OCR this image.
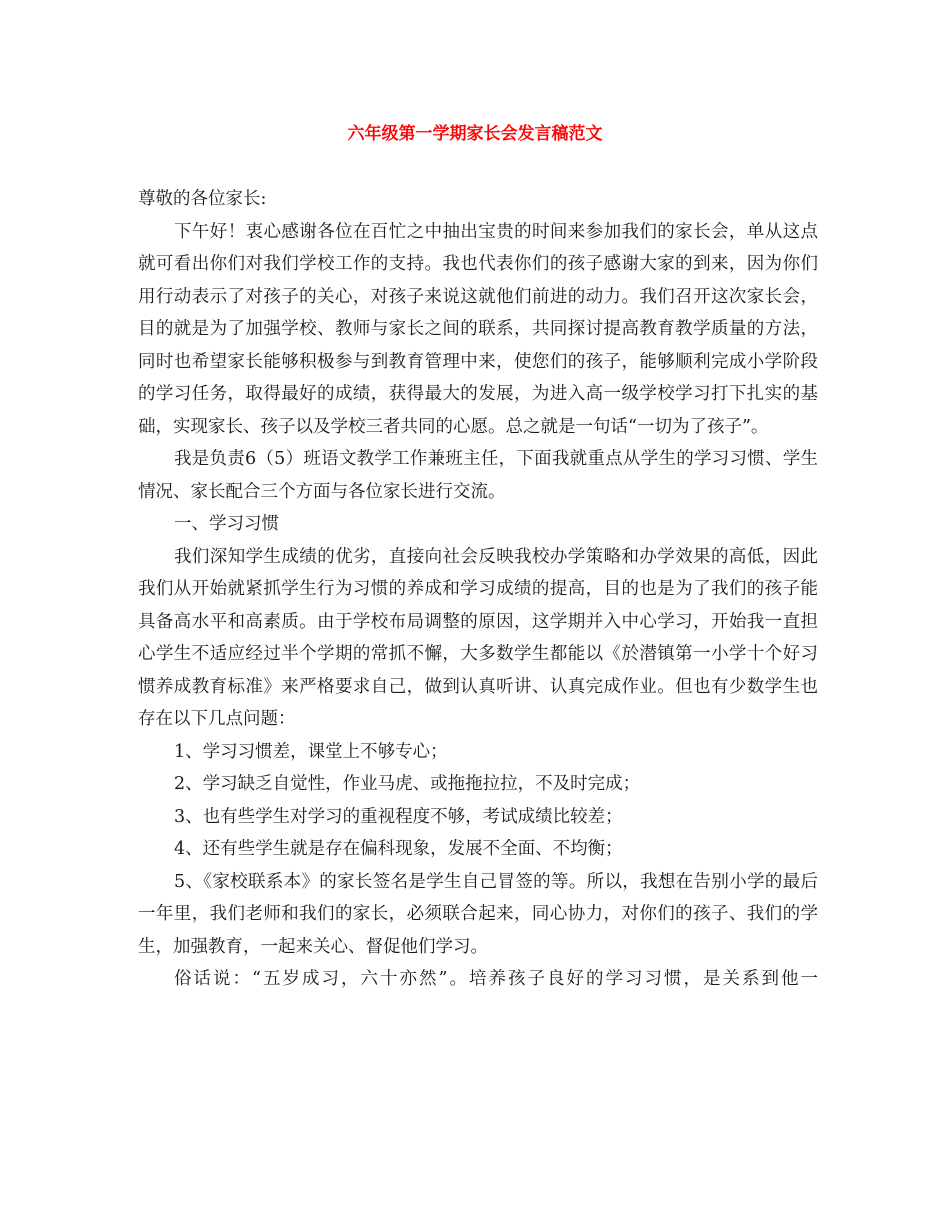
六年级第一学期家长会发言稿范文

尊敬的各位家长:

下午好！衷心感谢各位在百忙之中抽出宝贵的时间来参加我们的家长会，单从这点就可看出你们对我们学校工作的支持。我也代表你们的孩子感谢大家的到来，因为你们用行动表示了对孩子的关心，对孩子来说这就他们前进的动力。我们召开这次家长会，目的就是为了加强学校、教师与家长之间的联系，共同探讨提高教育教学质量的方法，同时也希望家长能够积极参与到教育管理中来，使您们的孩子，能够顺利完成小学阶段的学习任务，取得最好的成绩，获得最大的发展，为进入高一级学校学习打下扎实的基础，实现家长、孩子以及学校三者共同的心愿。总之就是一句话“一切为了孩子”。

我是负责6（5）班语文教学工作兼班主任，下面我就重点从学生的学习习惯、学生情况、家长配合三个方面与各位家长进行交流。

一、学习习惯

我们深知学生成绩的优劣，直接向社会反映我校办学策略和办学效果的高低，因此我们从开始就紧抓学生行为习惯的养成和学习成绩的提高，目的也是为了我们的孩子能具备高水平和高素质。由于学校布局调整的原因，这学期并入中心学习，开始我一直担心学生不适应经过半个学期的常抓不懈，大多数学生都能以《於潜镇第一小学十个好习惯养成教育标准》来严格要求自己，做到认真听讲、认真完成作业。但也有少数学生也存在以下几点问题：

1、学习习惯差，课堂上不够专心；

2、学习缺乏自觉性，作业马虎、或拖拖拉拉，不及时完成；

3、也有些学生对学习的重视程度不够，考试成绩比较差；

4、还有些学生就是存在偏科现象，发展不全面、不均衡；

5、《家校联系本》的家长签名是学生自己冒签的等。所以，我想在告别小学的最后一年里，我们老师和我们的家长，必须联合起来，同心协力，对你们的孩子、我们的学生，加强教育，一起来关心、督促他们学习。

俗话说：“五岁成习，六十亦然”。培养孩子良好的学习习惯，是关系到他一
